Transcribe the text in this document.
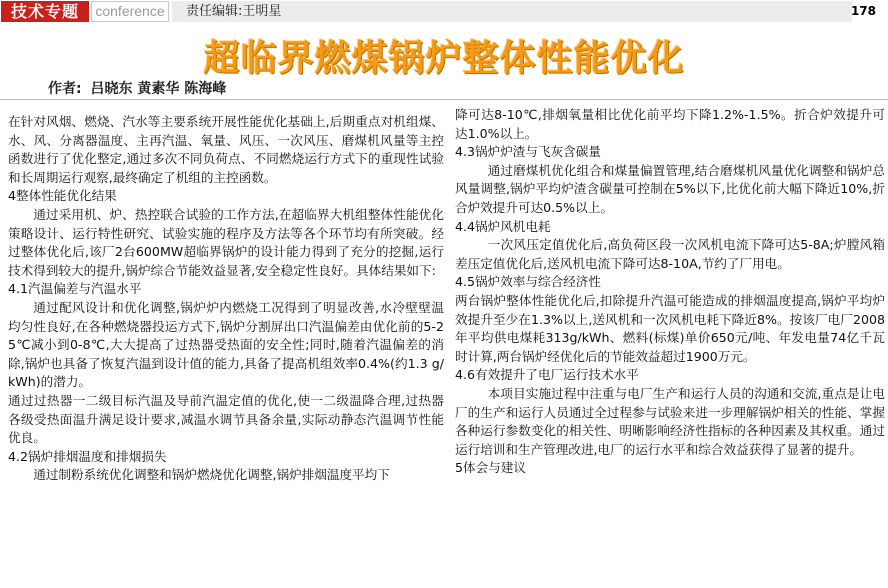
技术专题	conference	责任编辑:王明星	178
超临界燃煤锅炉整体性能优化
作者: 吕晓东 黄素华 陈海峰

在针对风烟、燃烧、汽水等主要系统开展性能优化基础上,后期重点对机组煤、水、风、分离器温度、主再汽温、氧量、风压、一次风压、磨煤机风量等主控函数进行了优化整定,通过多次不同负荷点、不同燃烧运行方式下的重现性试验和长周期运行观察,最终确定了机组的主控函数。

4整体性能优化结果

通过采用机、炉、热控联合试验的工作方法,在超临界大机组整体性能优化策略设计、运行特性研究、试验实施的程序及方法等各个环节均有所突破。经过整体优化后,该厂2台600MW超临界锅炉的设计能力得到了充分的挖掘,运行技术得到较大的提升,锅炉综合节能效益显著,安全稳定性良好。具体结果如下:

4.1汽温偏差与汽温水平

通过配风设计和优化调整,锅炉炉内燃烧工况得到了明显改善,水冷壁壁温均匀性良好,在各种燃烧器投运方式下,锅炉分割屏出口汽温偏差由优化前的5-25℃减小到0-8℃,大大提高了过热器受热面的安全性;同时,随着汽温偏差的消除,锅炉也具备了恢复汽温到设计值的能力,具备了提高机组效率0.4%(约1.3 g/kWh)的潜力。

通过过热器一二级目标汽温及导前汽温定值的优化,使一二级温降合理,过热器各级受热面温升满足设计要求,减温水调节具备余量,实际动静态汽温调节性能优良。

4.2锅炉排烟温度和排烟损失

通过制粉系统优化调整和锅炉燃烧优化调整,锅炉排烟温度平均下

降可达8-10℃,排烟氧量相比优化前平均下降1.2%-1.5%。折合炉效提升可达1.0%以上。

4.3锅炉炉渣与飞灰含碳量

通过磨煤机优化组合和煤量偏置管理,结合磨煤机风量优化调整和锅炉总风量调整,锅炉平均炉渣含碳量可控制在5%以下,比优化前大幅下降近10%,折合炉效提升可达0.5%以上。

4.4锅炉风机电耗

一次风压定值优化后,高负荷区段一次风机电流下降可达5-8A;炉膛风箱差压定值优化后,送风机电流下降可达8-10A,节约了厂用电。

4.5锅炉效率与综合经济性

两台锅炉整体性能优化后,扣除提升汽温可能造成的排烟温度提高,锅炉平均炉效提升至少在1.3%以上,送风机和一次风机电耗下降近8%。按该厂电厂2008年平均供电煤耗313g/kWh、燃料(标煤)单价650元/吨、年发电量74亿千瓦时计算,两台锅炉经优化后的节能效益超过1900万元。

4.6有效提升了电厂运行技术水平

本项目实施过程中注重与电厂生产和运行人员的沟通和交流,重点是让电厂的生产和运行人员通过全过程参与试验来进一步理解锅炉相关的性能、掌握各种运行参数变化的相关性、明晰影响经济性指标的各种因素及其权重。通过运行培训和生产管理改进,电厂的运行水平和综合效益获得了显著的提升。

5体会与建议
